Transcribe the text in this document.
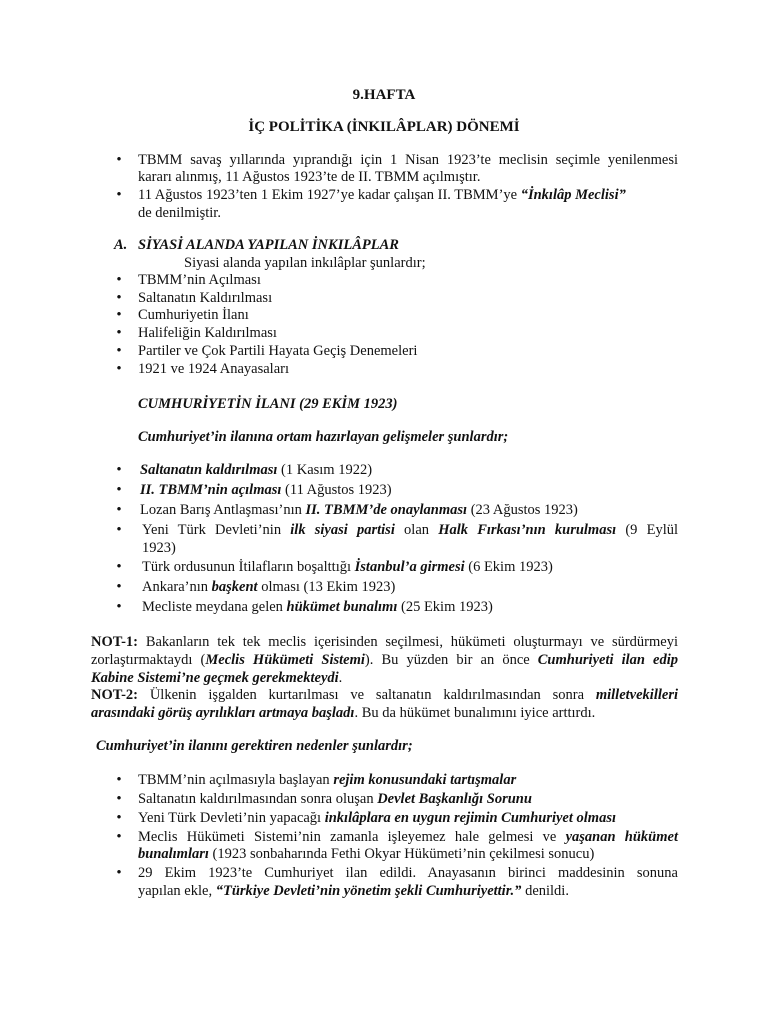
9.HAFTA
İÇ POLİTİKA (İNKILÂPLAR) DÖNEMİ
•
TBMM savaş yıllarında yıprandığı için 1 Nisan 1923’te meclisin seçimle yenilenmesi
kararı alınmış, 11 Ağustos 1923’te de II. TBMM açılmıştır.
•
11 Ağustos 1923’ten 1 Ekim 1927’ye kadar çalışan II. TBMM’ye “İnkılâp Meclisi”
de denilmiştir.
A. SİYASİ ALANDA YAPILAN İNKILÂPLAR
Siyasi alanda yapılan inkılâplar şunlardır;
•
TBMM’nin Açılması
•
Saltanatın Kaldırılması
•
Cumhuriyetin İlanı
•
Halifeliğin Kaldırılması
•
Partiler ve Çok Partili Hayata Geçiş Denemeleri
•
1921 ve 1924 Anayasaları
CUMHURİYETİN İLANI (29 EKİM 1923)
Cumhuriyet’in ilanına ortam hazırlayan gelişmeler şunlardır;
•
Saltanatın kaldırılması (1 Kasım 1922)
•
II. TBMM’nin açılması (11 Ağustos 1923)
•
Lozan Barış Antlaşması’nın II. TBMM’de onaylanması (23 Ağustos 1923)
•
Yeni Türk Devleti’nin ilk siyasi partisi olan Halk Fırkası’nın kurulması (9 Eylül
1923)
•
Türk ordusunun İtilafların boşalttığı İstanbul’a girmesi (6 Ekim 1923)
•
Ankara’nın başkent olması (13 Ekim 1923)
•
Mecliste meydana gelen hükümet bunalımı (25 Ekim 1923)
NOT-1: Bakanların tek tek meclis içerisinden seçilmesi, hükümeti oluşturmayı ve sürdürmeyi
zorlaştırmaktaydı (Meclis Hükümeti Sistemi). Bu yüzden bir an önce Cumhuriyeti ilan edip
Kabine Sistemi’ne geçmek gerekmekteydi.
NOT-2: Ülkenin işgalden kurtarılması ve saltanatın kaldırılmasından sonra milletvekilleri
arasındaki görüş ayrılıkları artmaya başladı. Bu da hükümet bunalımını iyice arttırdı.
Cumhuriyet’in ilanını gerektiren nedenler şunlardır;
•
TBMM’nin açılmasıyla başlayan rejim konusundaki tartışmalar
•
Saltanatın kaldırılmasından sonra oluşan Devlet Başkanlığı Sorunu
•
Yeni Türk Devleti’nin yapacağı inkılâplara en uygun rejimin Cumhuriyet olması
•
Meclis Hükümeti Sistemi’nin zamanla işleyemez hale gelmesi ve yaşanan hükümet
bunalımları (1923 sonbaharında Fethi Okyar Hükümeti’nin çekilmesi sonucu)
•
29 Ekim 1923’te Cumhuriyet ilan edildi. Anayasanın birinci maddesinin sonuna
yapılan ekle, “Türkiye Devleti’nin yönetim şekli Cumhuriyettir.” denildi.
